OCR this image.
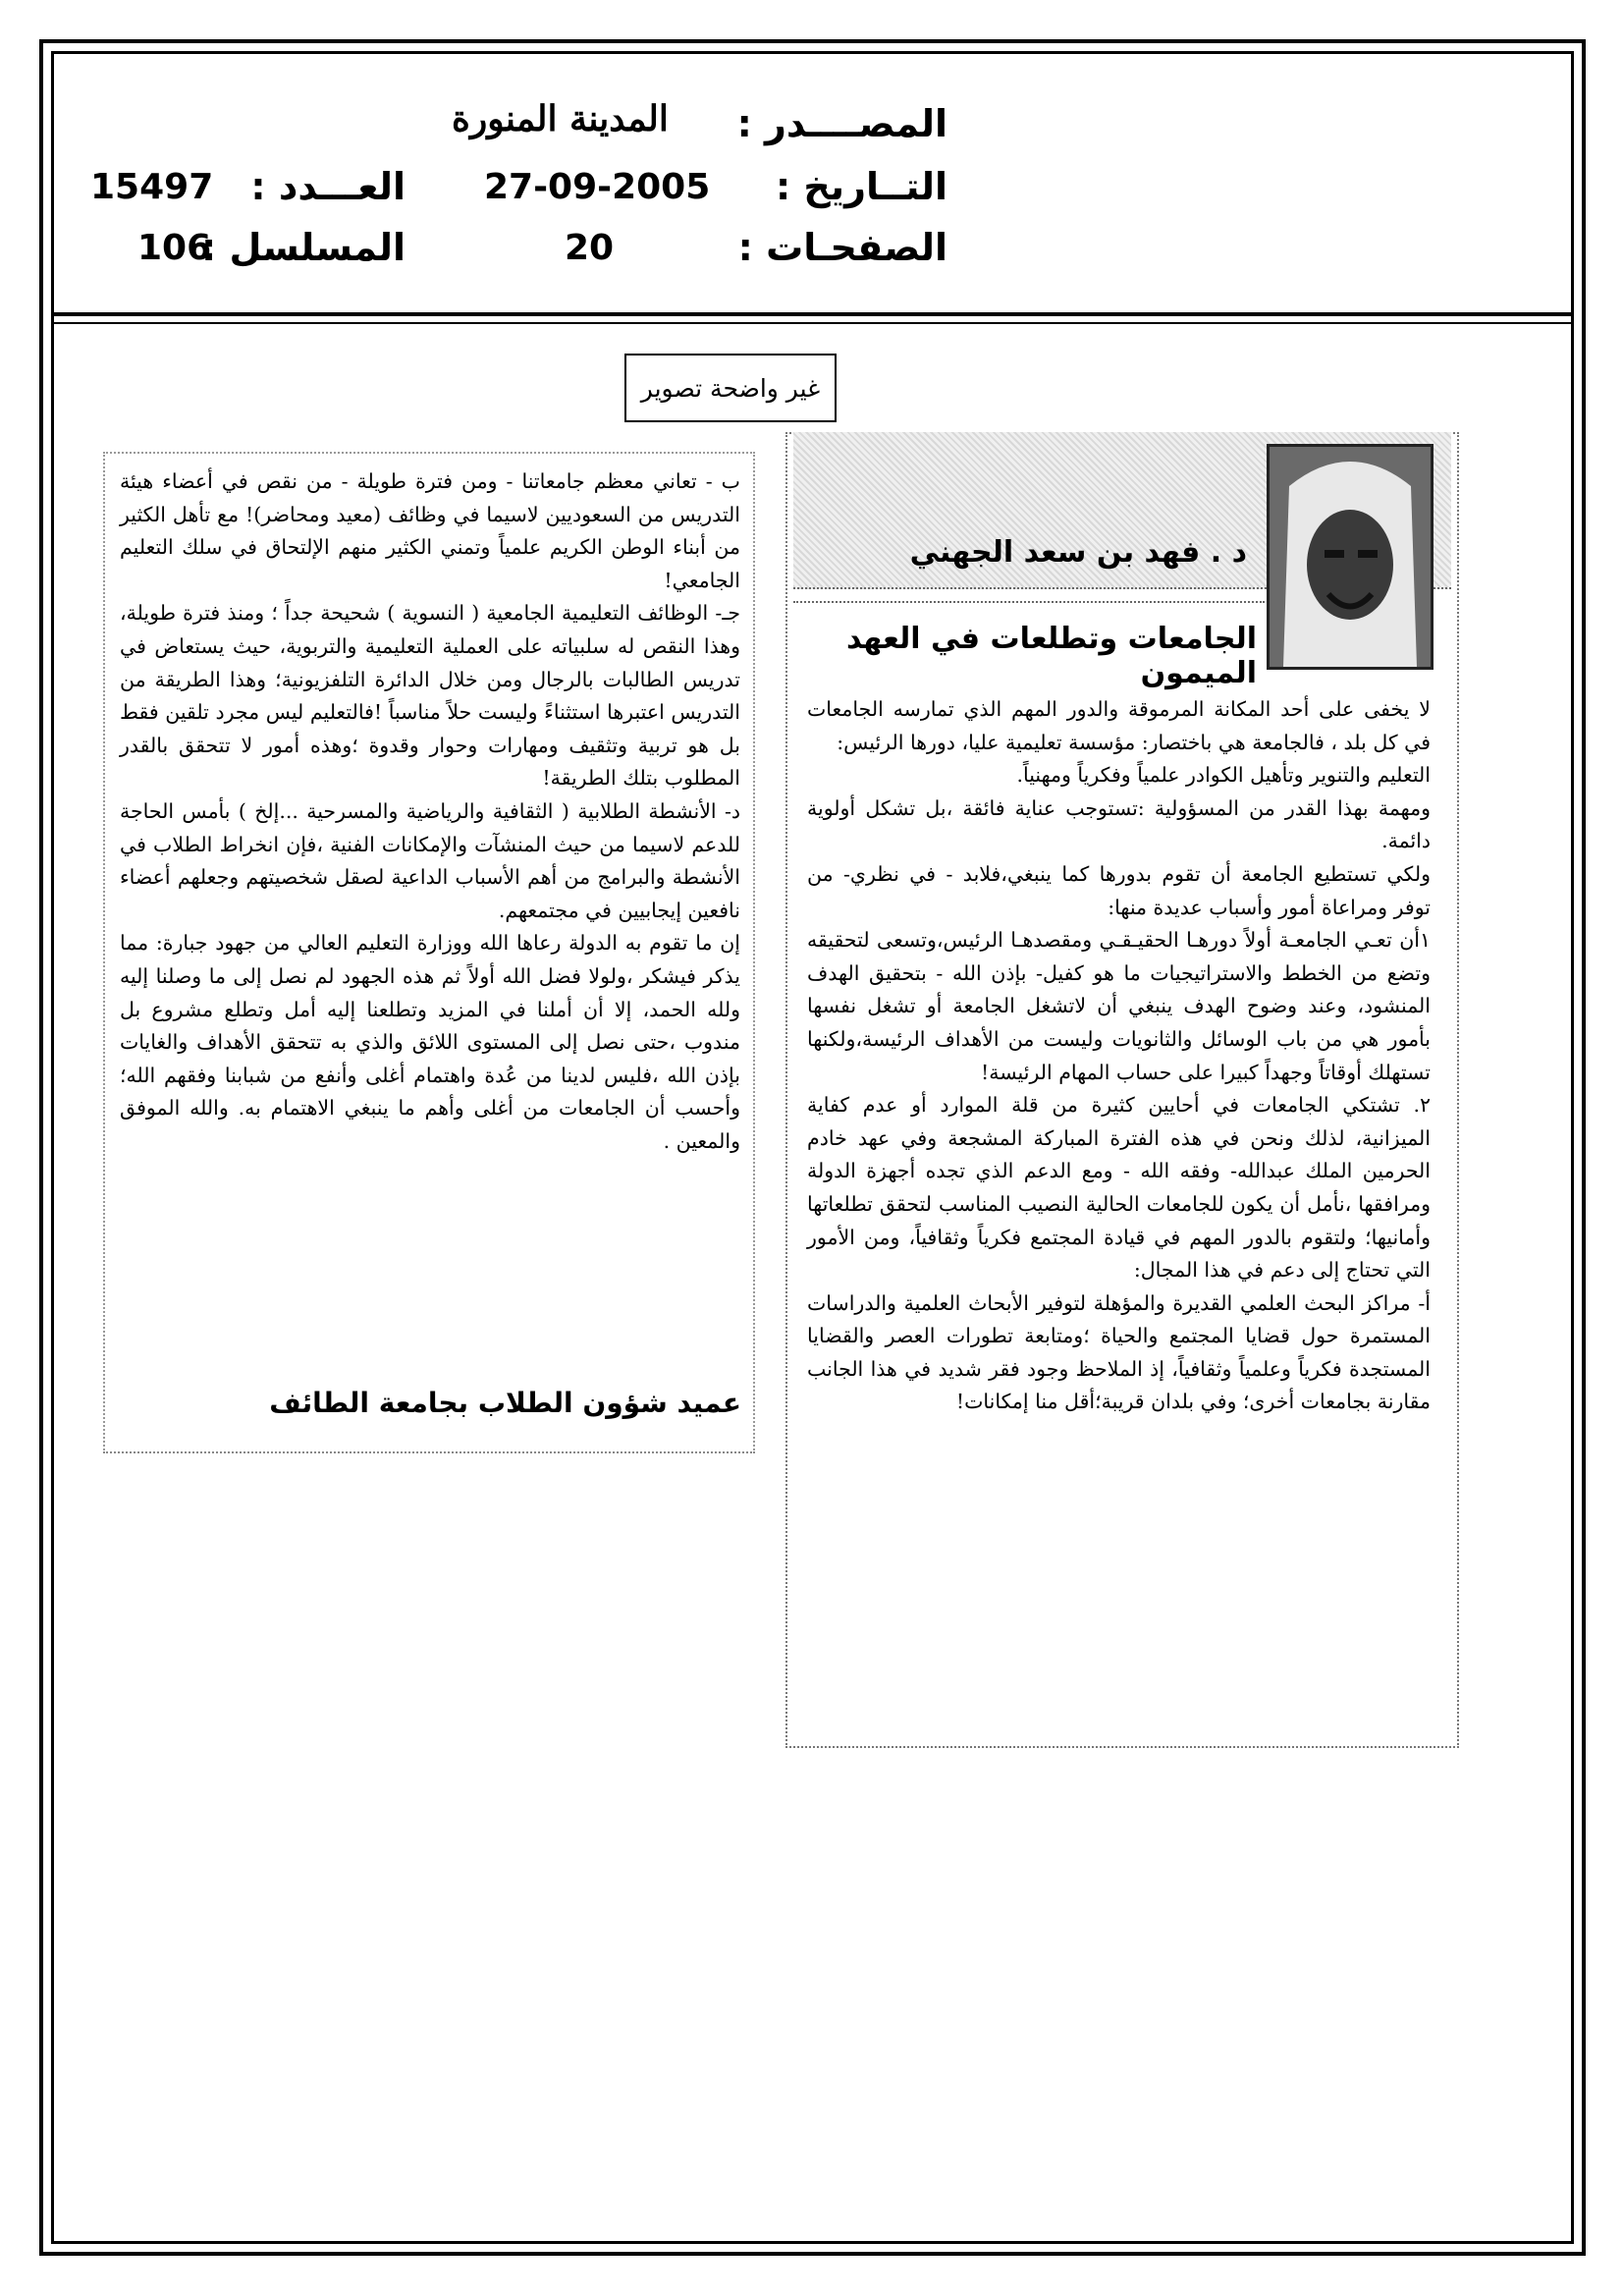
المصــــدر :
التــاريخ :
الصفحـات :
المدينة المنورة
27-09-2005
20
العـــدد :
المسلسل :
15497
106
غير واضحة تصوير
د . فهد بن سعد الجهني
الجامعات وتطلعات في العهد الميمون

لا يخفى على أحد المكانة المرموقة والدور المهم الذي تمارسه الجامعات في كل بلد ، فالجامعة هي باختصار: مؤسسة تعليمية عليا، دورها الرئيس:

التعليم والتنوير وتأهيل الكوادر علمياً وفكرياً ومهنياً.

ومهمة بهذا القدر من المسؤولية :تستوجب عناية فائقة ،بل تشكل أولوية دائمة.

ولكي تستطيع الجامعة أن تقوم بدورها كما ينبغي،فلابد - في نظري- من توفر ومراعاة أمور وأسباب عديدة منها:

١أن تعـي الجامعـة أولاً دورهـا الحقيـقـي ومقصدهـا الرئيس،وتسعى لتحقيقه وتضع من الخطط والاستراتيجيات ما هو كفيل- بإذن الله - بتحقيق الهدف المنشود، وعند وضوح الهدف ينبغي أن لاتشغل الجامعة أو تشغل نفسها بأمور هي من باب الوسائل والثانويات وليست من الأهداف الرئيسة،ولكنها تستهلك أوقاتاً وجهداً كبيرا على حساب المهام الرئيسة!

٢. تشتكي الجامعات في أحايين كثيرة من قلة الموارد أو عدم كفاية الميزانية، لذلك ونحن في هذه الفترة المباركة المشجعة وفي عهد خادم الحرمين الملك عبدالله- وفقه الله - ومع الدعم الذي تجده أجهزة الدولة ومرافقها ،نأمل أن يكون للجامعات الحالية النصيب المناسب لتحقق تطلعاتها وأمانيها؛ ولتقوم بالدور المهم في قيادة المجتمع فكرياً وثقافياً، ومن الأمور التي تحتاج إلى دعم في هذا المجال:

أ- مراكز البحث العلمي القديرة والمؤهلة لتوفير الأبحاث العلمية والدراسات المستمرة حول قضايا المجتمع والحياة ؛ومتابعة تطورات العصر والقضايا المستجدة فكرياً وعلمياً وثقافياً، إذ الملاحظ وجود فقر شديد في هذا الجانب مقارنة بجامعات أخرى؛ وفي بلدان قريبة؛أقل منا إمكانات!

ب - تعاني معظم جامعاتنا - ومن فترة طويلة - من نقص في أعضاء هيئة التدريس من السعوديين لاسيما في وظائف (معيد ومحاضر)! مع تأهل الكثير من أبناء الوطن الكريم علمياً وتمني الكثير منهم الإلتحاق في سلك التعليم الجامعي!

جـ- الوظائف التعليمية الجامعية ( النسوية ) شحيحة جداً ؛ ومنذ فترة طويلة، وهذا النقص له سلبياته على العملية التعليمية والتربوية، حيث يستعاض في تدريس الطالبات بالرجال ومن خلال الدائرة التلفزيونية؛ وهذا الطريقة من التدريس اعتبرها استثناءً وليست حلاً مناسباً !فالتعليم ليس مجرد تلقين فقط بل هو تربية وتثقيف ومهارات وحوار وقدوة ؛وهذه أمور لا تتحقق بالقدر المطلوب بتلك الطريقة!

د- الأنشطة الطلابية ( الثقافية والرياضية والمسرحية ...إلخ ) بأمس الحاجة للدعم لاسيما من حيث المنشآت والإمكانات الفنية ،فإن انخراط الطلاب في الأنشطة والبرامج من أهم الأسباب الداعية لصقل شخصيتهم وجعلهم أعضاء نافعين إيجابيين في مجتمعهم.

إن ما تقوم به الدولة رعاها الله ووزارة التعليم العالي من جهود جبارة: مما يذكر فيشكر ،ولولا فضل الله أولاً ثم هذه الجهود لم نصل إلى ما وصلنا إليه ولله الحمد، إلا أن أملنا في المزيد وتطلعنا إليه أمل وتطلع مشروع بل مندوب ،حتى نصل إلى المستوى اللائق والذي به تتحقق الأهداف والغايات بإذن الله ،فليس لدينا من عُدة واهتمام أغلى وأنفع من شبابنا وفقهم الله؛ وأحسب أن الجامعات من أغلى وأهم ما ينبغي الاهتمام به. والله الموفق والمعين .

عميد شؤون الطلاب بجامعة الطائف
